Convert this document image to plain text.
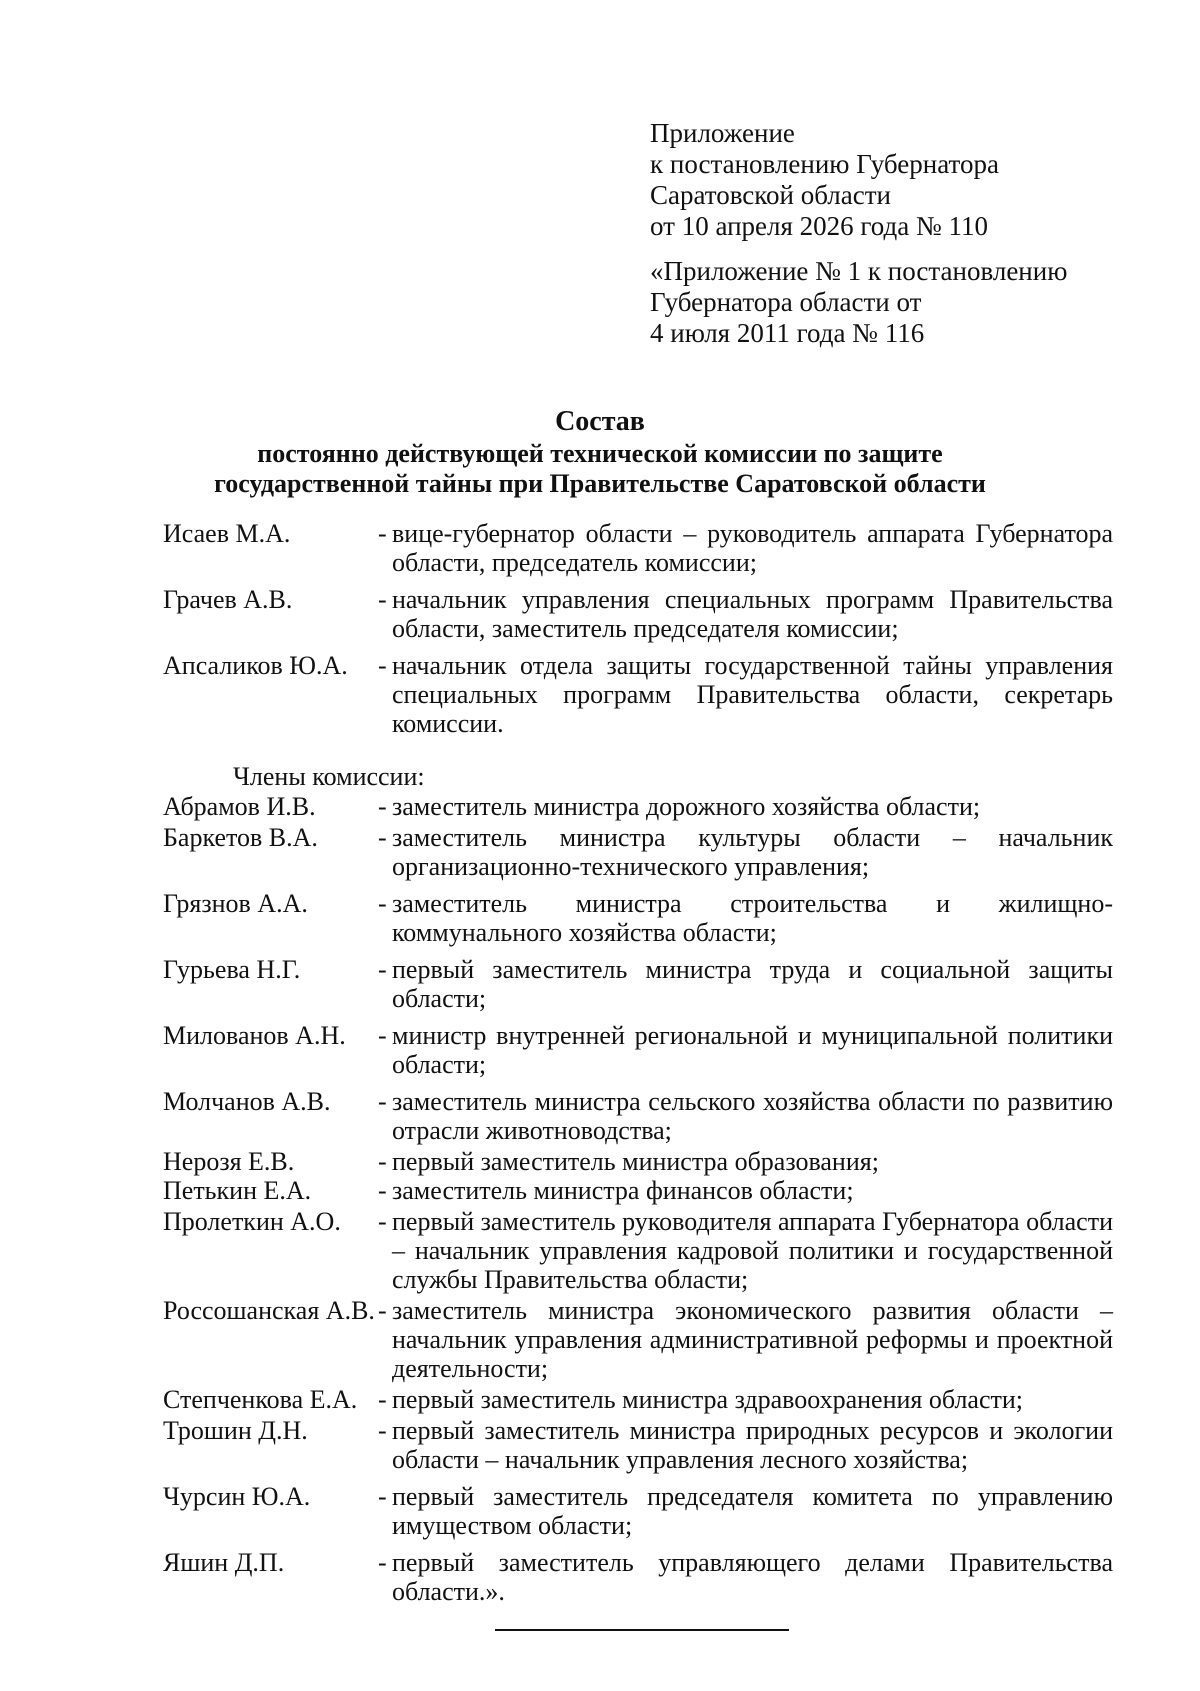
Приложение
к постановлению Губернатора
Саратовской области
от 10 апреля 2026 года № 110
«Приложение № 1 к постановлению
Губернатора области от
4 июля 2011 года № 116
Состав
постоянно действующей технической комиссии по защите
государственной тайны при Правительстве Саратовской области
Исаев М.А.	- вице-губернатор области – руководитель аппарата Губернатора области, председатель комиссии;
Грачев А.В.	- начальник управления специальных программ Правительства области, заместитель председателя комиссии;
Апсаликов Ю.А.	- начальник отдела защиты государственной тайны управления специальных программ Правительства области, секретарь комиссии.
Члены комиссии:
Абрамов И.В.	- заместитель министра дорожного хозяйства области;
Баркетов В.А.	- заместитель министра культуры области – начальник организационно-технического управления;
Грязнов А.А.	- заместитель министра строительства и жилищно-коммунального хозяйства области;
Гурьева Н.Г.	- первый заместитель министра труда и социальной защиты области;
Милованов А.Н.	- министр внутренней региональной и муниципальной политики области;
Молчанов А.В.	- заместитель министра сельского хозяйства области по развитию отрасли животноводства;
Нерозя Е.В.	- первый заместитель министра образования;
Петькин Е.А.	- заместитель министра финансов области;
Пролеткин А.О.	- первый заместитель руководителя аппарата Губернатора области – начальник управления кадровой политики и государственной службы Правительства области;
Россошанская А.В. - заместитель министра экономического развития области – начальник управления административной реформы и проектной деятельности;
Степченкова Е.А. - первый заместитель министра здравоохранения области;
Трошин Д.Н.	- первый заместитель министра природных ресурсов и экологии области – начальник управления лесного хозяйства;
Чурсин Ю.А.	- первый заместитель председателя комитета по управлению имуществом области;
Яшин Д.П.	- первый заместитель управляющего делами Правительства области.».
